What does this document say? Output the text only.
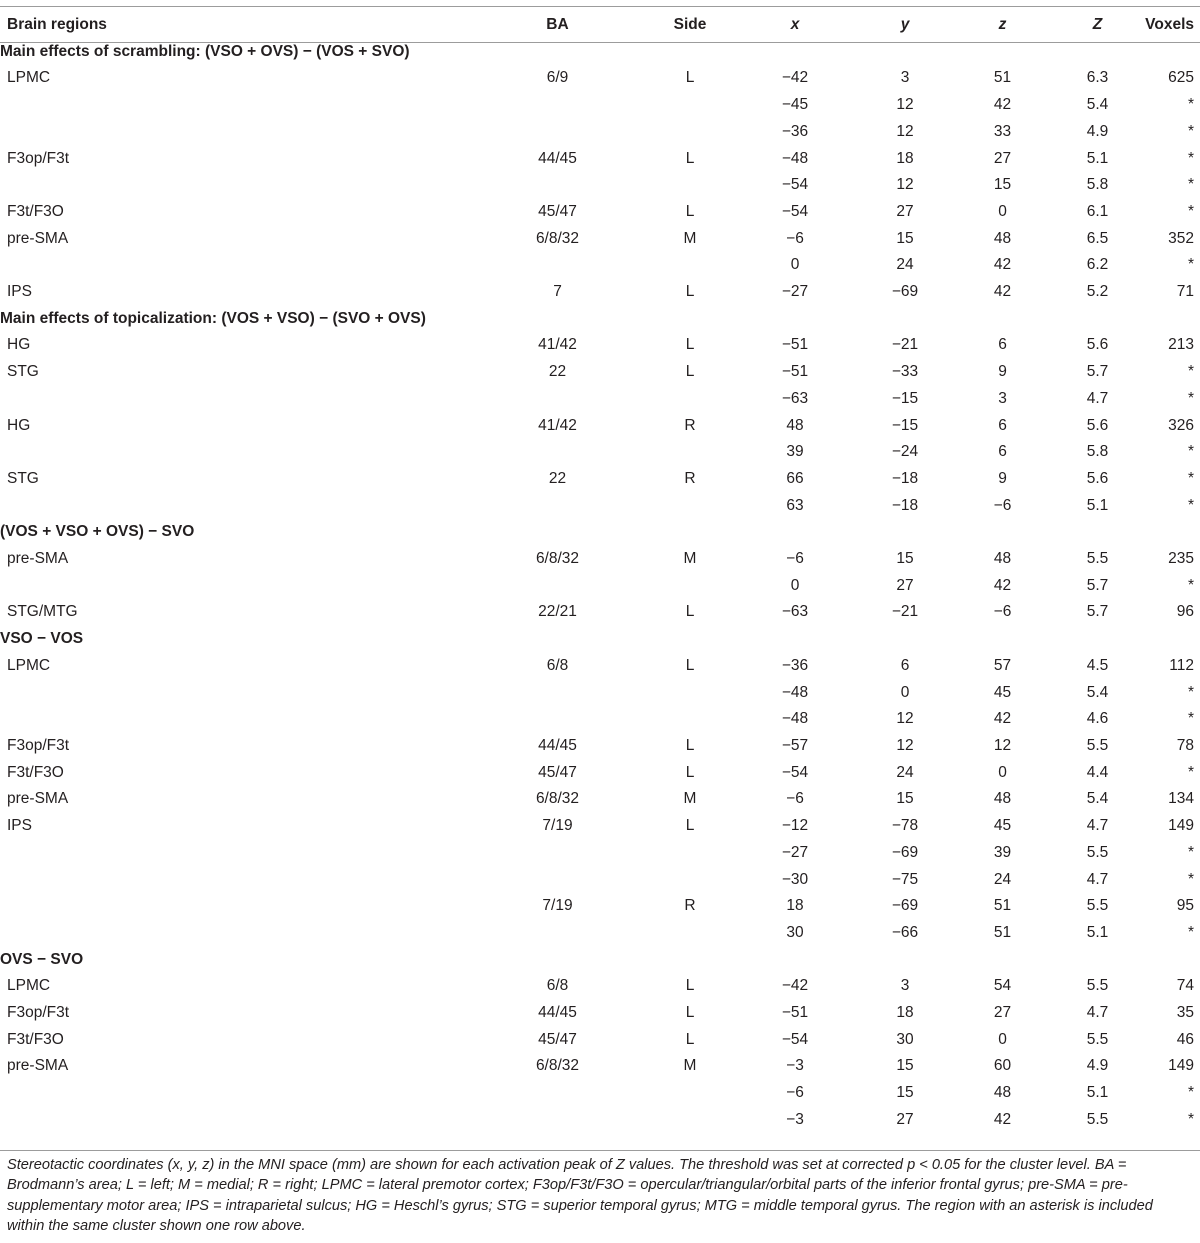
Brain regions	BA	Side	x	y	z	Z	Voxels
Main effects of scrambling: (VSO + OVS) − (VOS + SVO)							
LPMC	6/9	L	−42	3	51	6.3	625
			−45	12	42	5.4	*
			−36	12	33	4.9	*
F3op/F3t	44/45	L	−48	18	27	5.1	*
			−54	12	15	5.8	*
F3t/F3O	45/47	L	−54	27	0	6.1	*
pre-SMA	6/8/32	M	−6	15	48	6.5	352
			0	24	42	6.2	*
IPS	7	L	−27	−69	42	5.2	71
Main effects of topicalization: (VOS + VSO) − (SVO + OVS)							
HG	41/42	L	−51	−21	6	5.6	213
STG	22	L	−51	−33	9	5.7	*
			−63	−15	3	4.7	*
HG	41/42	R	48	−15	6	5.6	326
			39	−24	6	5.8	*
STG	22	R	66	−18	9	5.6	*
			63	−18	−6	5.1	*
(VOS + VSO + OVS) − SVO							
pre-SMA	6/8/32	M	−6	15	48	5.5	235
			0	27	42	5.7	*
STG/MTG	22/21	L	−63	−21	−6	5.7	96
VSO − VOS							
LPMC	6/8	L	−36	6	57	4.5	112
			−48	0	45	5.4	*
			−48	12	42	4.6	*
F3op/F3t	44/45	L	−57	12	12	5.5	78
F3t/F3O	45/47	L	−54	24	0	4.4	*
pre-SMA	6/8/32	M	−6	15	48	5.4	134
IPS	7/19	L	−12	−78	45	4.7	149
			−27	−69	39	5.5	*
			−30	−75	24	4.7	*
	7/19	R	18	−69	51	5.5	95
			30	−66	51	5.1	*
OVS − SVO							
LPMC	6/8	L	−42	3	54	5.5	74
F3op/F3t	44/45	L	−51	18	27	4.7	35
F3t/F3O	45/47	L	−54	30	0	5.5	46
pre-SMA	6/8/32	M	−3	15	60	4.9	149
			−6	15	48	5.1	*
			−3	27	42	5.5	*
Stereotactic coordinates (x, y, z) in the MNI space (mm) are shown for each activation peak of Z values. The threshold was set at corrected p < 0.05 for the cluster level. BA = Brodmann’s area; L = left; M = medial; R = right; LPMC = lateral premotor cortex; F3op/F3t/F3O = opercular/triangular/orbital parts of the inferior frontal gyrus; pre-SMA = pre-supplementary motor area; IPS = intraparietal sulcus; HG = Heschl’s gyrus; STG = superior temporal gyrus; MTG = middle temporal gyrus. The region with an asterisk is included within the same cluster shown one row above.
